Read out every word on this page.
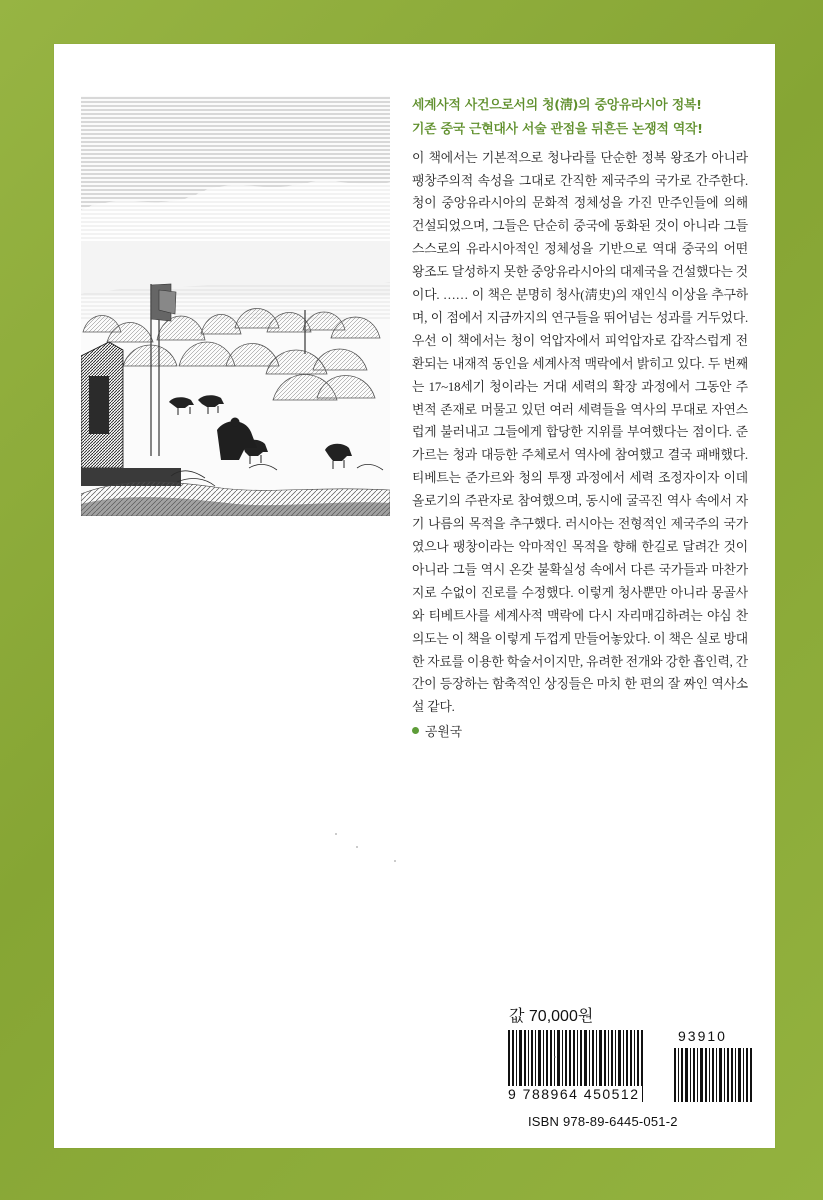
세계사적 사건으로서의 청(淸)의 중앙유라시아 정복!
기존 중국 근현대사 서술 관점을 뒤흔든 논쟁적 역작!
이 책에서는 기본적으로 청나라를 단순한 정복 왕조가 아니라 팽창주의적 속성을 그대로 간직한 제국주의 국가로 간주한다. 청이 중앙유라시아의 문화적 정체성을 가진 만주인들에 의해 건설되었으며, 그들은 단순히 중국에 동화된 것이 아니라 그들 스스로의 유라시아적인 정체성을 기반으로 역대 중국의 어떤 왕조도 달성하지 못한 중앙유라시아의 대제국을 건설했다는 것이다. …… 이 책은 분명히 청사(淸史)의 재인식 이상을 추구하며, 이 점에서 지금까지의 연구들을 뛰어넘는 성과를 거두었다. 우선 이 책에서는 청이 억압자에서 피억압자로 갑작스럽게 전환되는 내재적 동인을 세계사적 맥락에서 밝히고 있다. 두 번째는 17~18세기 청이라는 거대 세력의 확장 과정에서 그동안 주변적 존재로 머물고 있던 여러 세력들을 역사의 무대로 자연스럽게 불러내고 그들에게 합당한 지위를 부여했다는 점이다. 준가르는 청과 대등한 주체로서 역사에 참여했고 결국 패배했다. 티베트는 준가르와 청의 투쟁 과정에서 세력 조정자이자 이데올로기의 주관자로 참여했으며, 동시에 굴곡진 역사 속에서 자기 나름의 목적을 추구했다. 러시아는 전형적인 제국주의 국가였으나 팽창이라는 악마적인 목적을 향해 한길로 달려간 것이 아니라 그들 역시 온갖 불확실성 속에서 다른 국가들과 마찬가지로 수없이 진로를 수정했다. 이렇게 청사뿐만 아니라 몽골사와 티베트사를 세계사적 맥락에 다시 자리매김하려는 야심 찬 의도는 이 책을 이렇게 두껍게 만들어놓았다. 이 책은 실로 방대한 자료를 이용한 학술서이지만, 유려한 전개와 강한 흡인력, 간간이 등장하는 함축적인 상징들은 마치 한 편의 잘 짜인 역사소설 같다.
공원국
값 70,000원
9 788964 450512
93910
ISBN 978-89-6445-051-2
